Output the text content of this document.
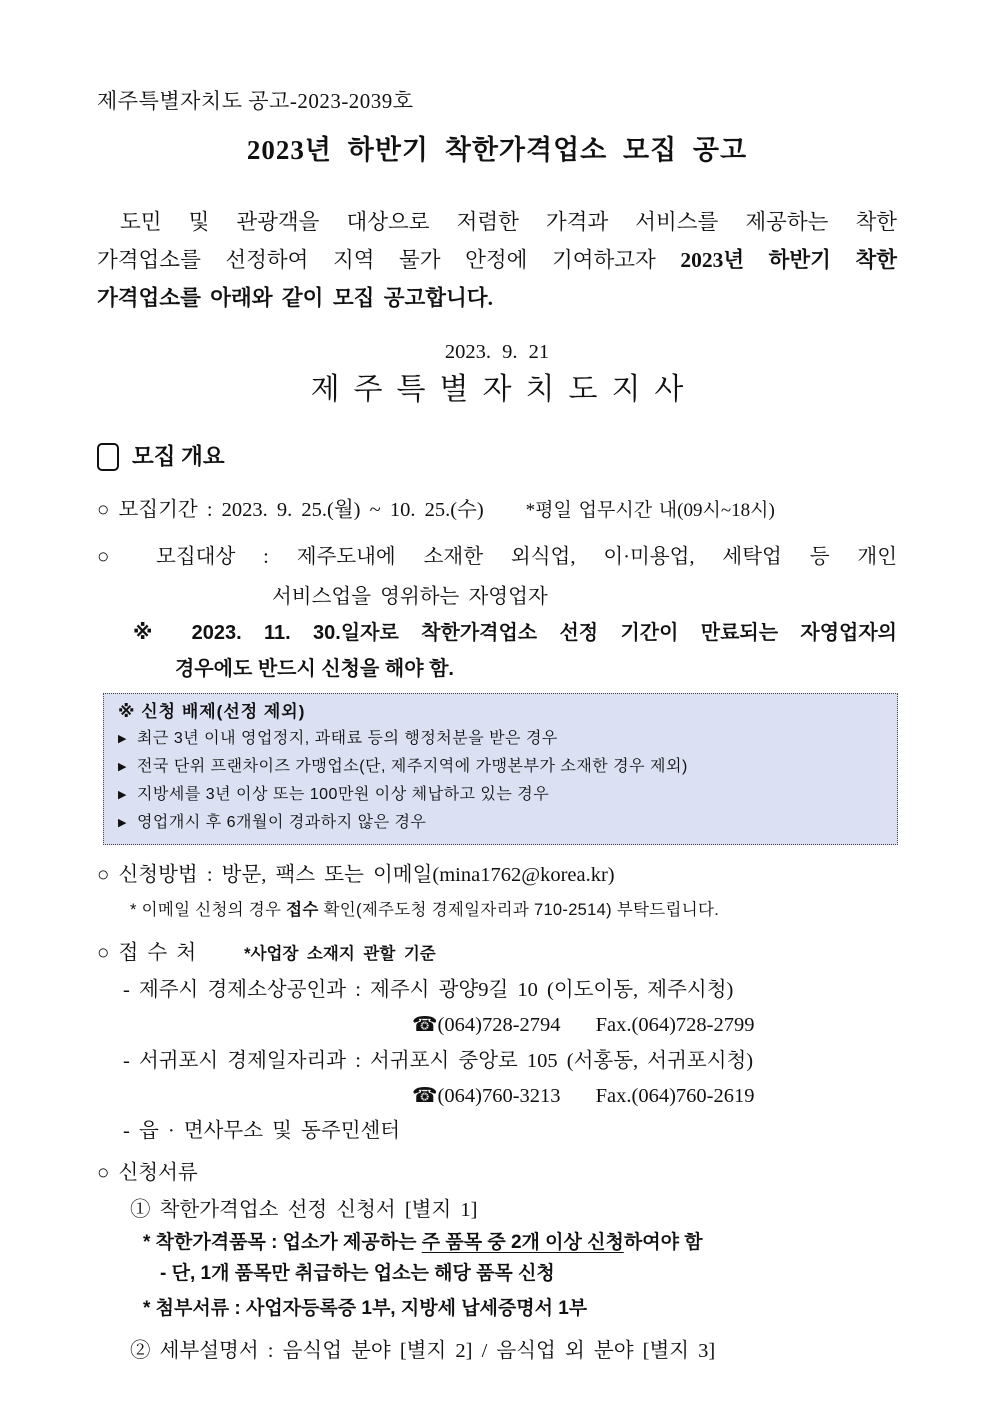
제주특별자치도 공고-2023-2039호
2023년 하반기 착한가격업소 모집 공고
도민 및 관광객을 대상으로 저렴한 가격과 서비스를 제공하는 착한
가격업소를 선정하여 지역 물가 안정에 기여하고자 2023년 하반기 착한
가격업소를 아래와 같이 모집 공고합니다.
2023. 9. 21
제주특별자치도지사
모집 개요
○ 모집기간 : 2023. 9. 25.(월) ~ 10. 25.(수) *평일 업무시간 내(09시~18시)
○ 모집대상 : 제주도내에 소재한 외식업, 이·미용업, 세탁업 등 개인
서비스업을 영위하는 자영업자
※ 2023. 11. 30.일자로 착한가격업소 선정 기간이 만료되는 자영업자의
경우에도 반드시 신청을 해야 함.
※ 신청 배제(선정 제외)
▶ 최근 3년 이내 영업정지, 과태료 등의 행정처분을 받은 경우
▶ 전국 단위 프랜차이즈 가맹업소(단, 제주지역에 가맹본부가 소재한 경우 제외)
▶ 지방세를 3년 이상 또는 100만원 이상 체납하고 있는 경우
▶ 영업개시 후 6개월이 경과하지 않은 경우
○ 신청방법 : 방문, 팩스 또는 이메일(mina1762@korea.kr)
* 이메일 신청의 경우 접수 확인(제주도청 경제일자리과 710-2514) 부탁드립니다.
○ 접 수 처	*사업장 소재지 관할 기준
- 제주시 경제소상공인과 : 제주시 광양9길 10 (이도이동, 제주시청)
☎(064)728-2794 Fax.(064)728-2799
- 서귀포시 경제일자리과 : 서귀포시 중앙로 105 (서홍동, 서귀포시청)
☎(064)760-3213 Fax.(064)760-2619
- 읍 · 면사무소 및 동주민센터
○ 신청서류
① 착한가격업소 선정 신청서 [별지 1]
* 착한가격품목 : 업소가 제공하는 주 품목 중 2개 이상 신청하여야 함
- 단, 1개 품목만 취급하는 업소는 해당 품목 신청
* 첨부서류 : 사업자등록증 1부, 지방세 납세증명서 1부
② 세부설명서 : 음식업 분야 [별지 2] / 음식업 외 분야 [별지 3]
